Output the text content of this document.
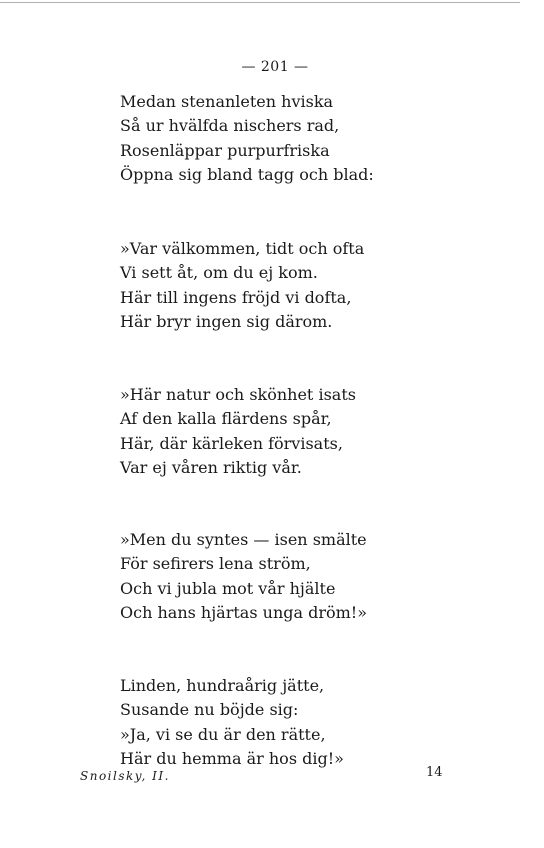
— 201 —
Medan stenanleten hviska
Så ur hvälfda nischers rad,
Rosenläppar purpurfriska
Öppna sig bland tagg och blad:
»Var välkommen, tidt och ofta
Vi sett åt, om du ej kom.
Här till ingens fröjd vi dofta,
Här bryr ingen sig därom.
»Här natur och skönhet isats
Af den kalla flärdens spår,
Här, där kärleken förvisats,
Var ej våren riktig vår.
»Men du syntes — isen smälte
För sefirers lena ström,
Och vi jubla mot vår hjälte
Och hans hjärtas unga dröm!»
Linden, hundraårig jätte,
Susande nu böjde sig:
»Ja, vi se du är den rätte,
Här du hemma är hos dig!»
Snoilsky, II.	14
